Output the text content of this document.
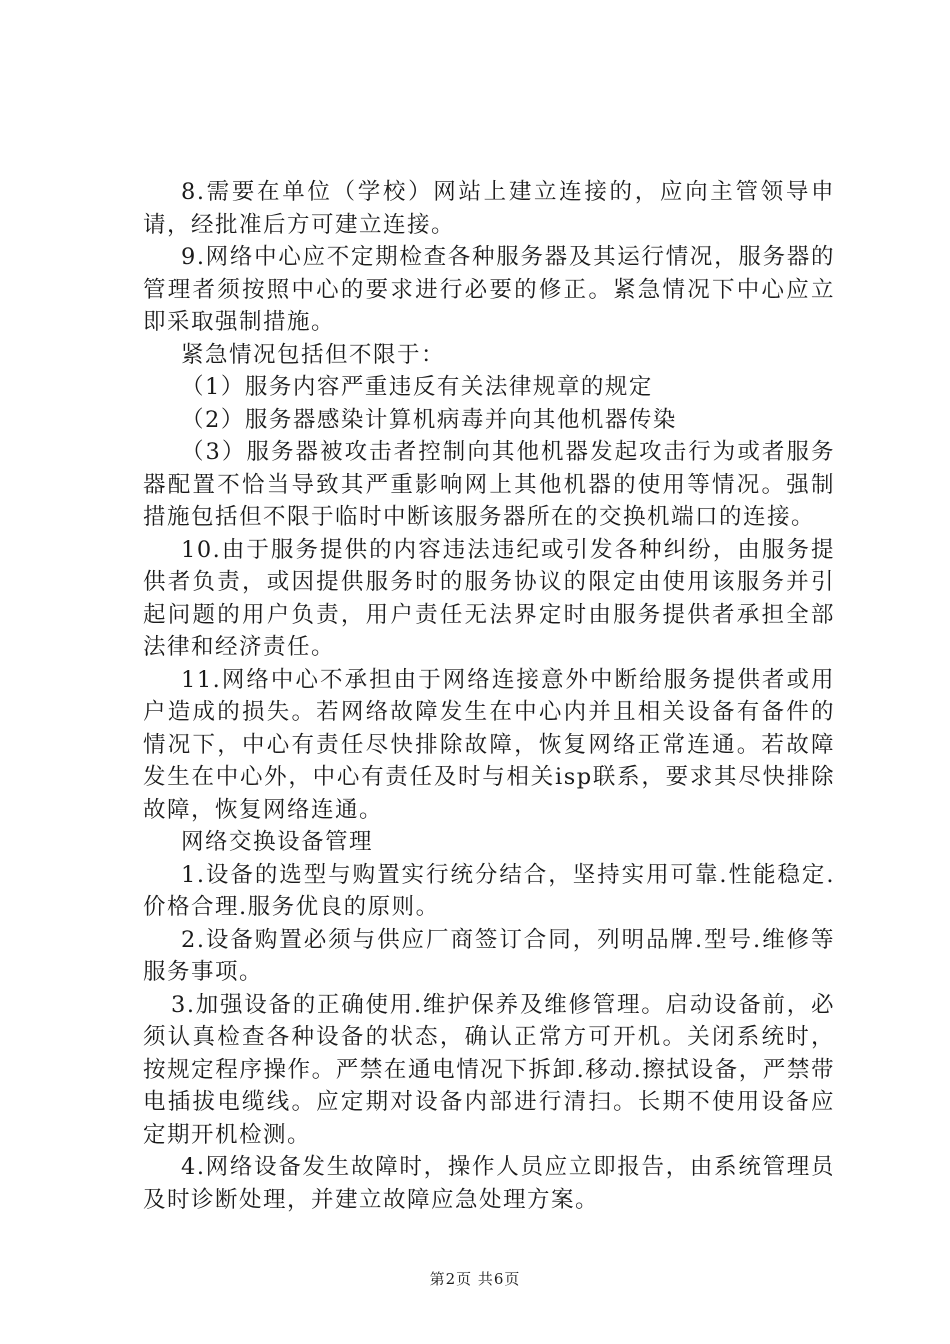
8.需要在单位（学校）网站上建立连接的，应向主管领导申请，经批准后方可建立连接。

9.网络中心应不定期检查各种服务器及其运行情况，服务器的管理者须按照中心的要求进行必要的修正。紧急情况下中心应立即采取强制措施。

紧急情况包括但不限于：

（1）服务内容严重违反有关法律规章的规定

（2）服务器感染计算机病毒并向其他机器传染

（3）服务器被攻击者控制向其他机器发起攻击行为或者服务器配置不恰当导致其严重影响网上其他机器的使用等情况。强制措施包括但不限于临时中断该服务器所在的交换机端口的连接。

10.由于服务提供的内容违法违纪或引发各种纠纷，由服务提供者负责，或因提供服务时的服务协议的限定由使用该服务并引起问题的用户负责，用户责任无法界定时由服务提供者承担全部法律和经济责任。

11.网络中心不承担由于网络连接意外中断给服务提供者或用户造成的损失。若网络故障发生在中心内并且相关设备有备件的情况下，中心有责任尽快排除故障，恢复网络正常连通。若故障发生在中心外，中心有责任及时与相关isp联系，要求其尽快排除故障，恢复网络连通。

网络交换设备管理

1.设备的选型与购置实行统分结合，坚持实用可靠.性能稳定.价格合理.服务优良的原则。

2.设备购置必须与供应厂商签订合同，列明品牌.型号.维修等服务事项。

3.加强设备的正确使用.维护保养及维修管理。启动设备前，必须认真检查各种设备的状态，确认正常方可开机。关闭系统时，按规定程序操作。严禁在通电情况下拆卸.移动.擦拭设备，严禁带电插拔电缆线。应定期对设备内部进行清扫。长期不使用设备应定期开机检测。

4.网络设备发生故障时，操作人员应立即报告，由系统管理员及时诊断处理，并建立故障应急处理方案。

第2页 共6页
